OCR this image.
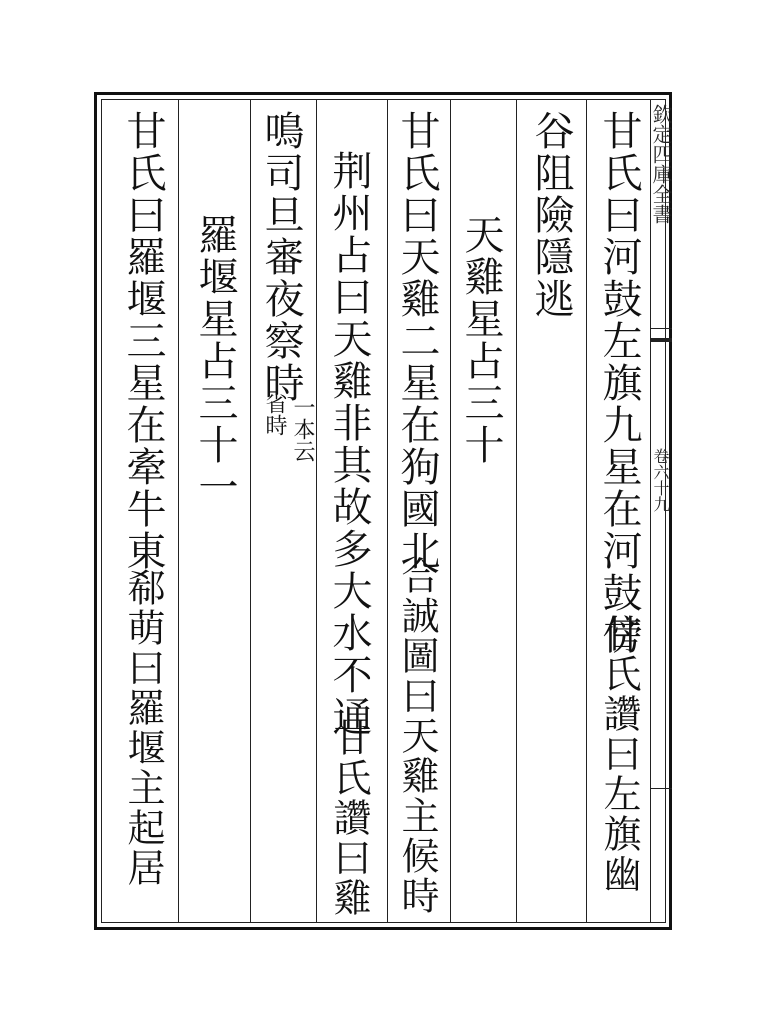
欽定四庫全書
卷六十九
甘氏曰河鼓左旗九星在河鼓傍
甘氏讚曰左旗幽
谷阻險隱逃
天雞星占三十
甘氏曰天雞二星在狗國北
合誠圖曰天雞主候時
荆州占曰天雞非其故多大水不通
甘氏讚曰雞
鳴司旦審夜察時
一本云
省時
羅堰星占三十一
甘氏曰羅堰三星在牽牛東
郗萌曰羅堰主起居
